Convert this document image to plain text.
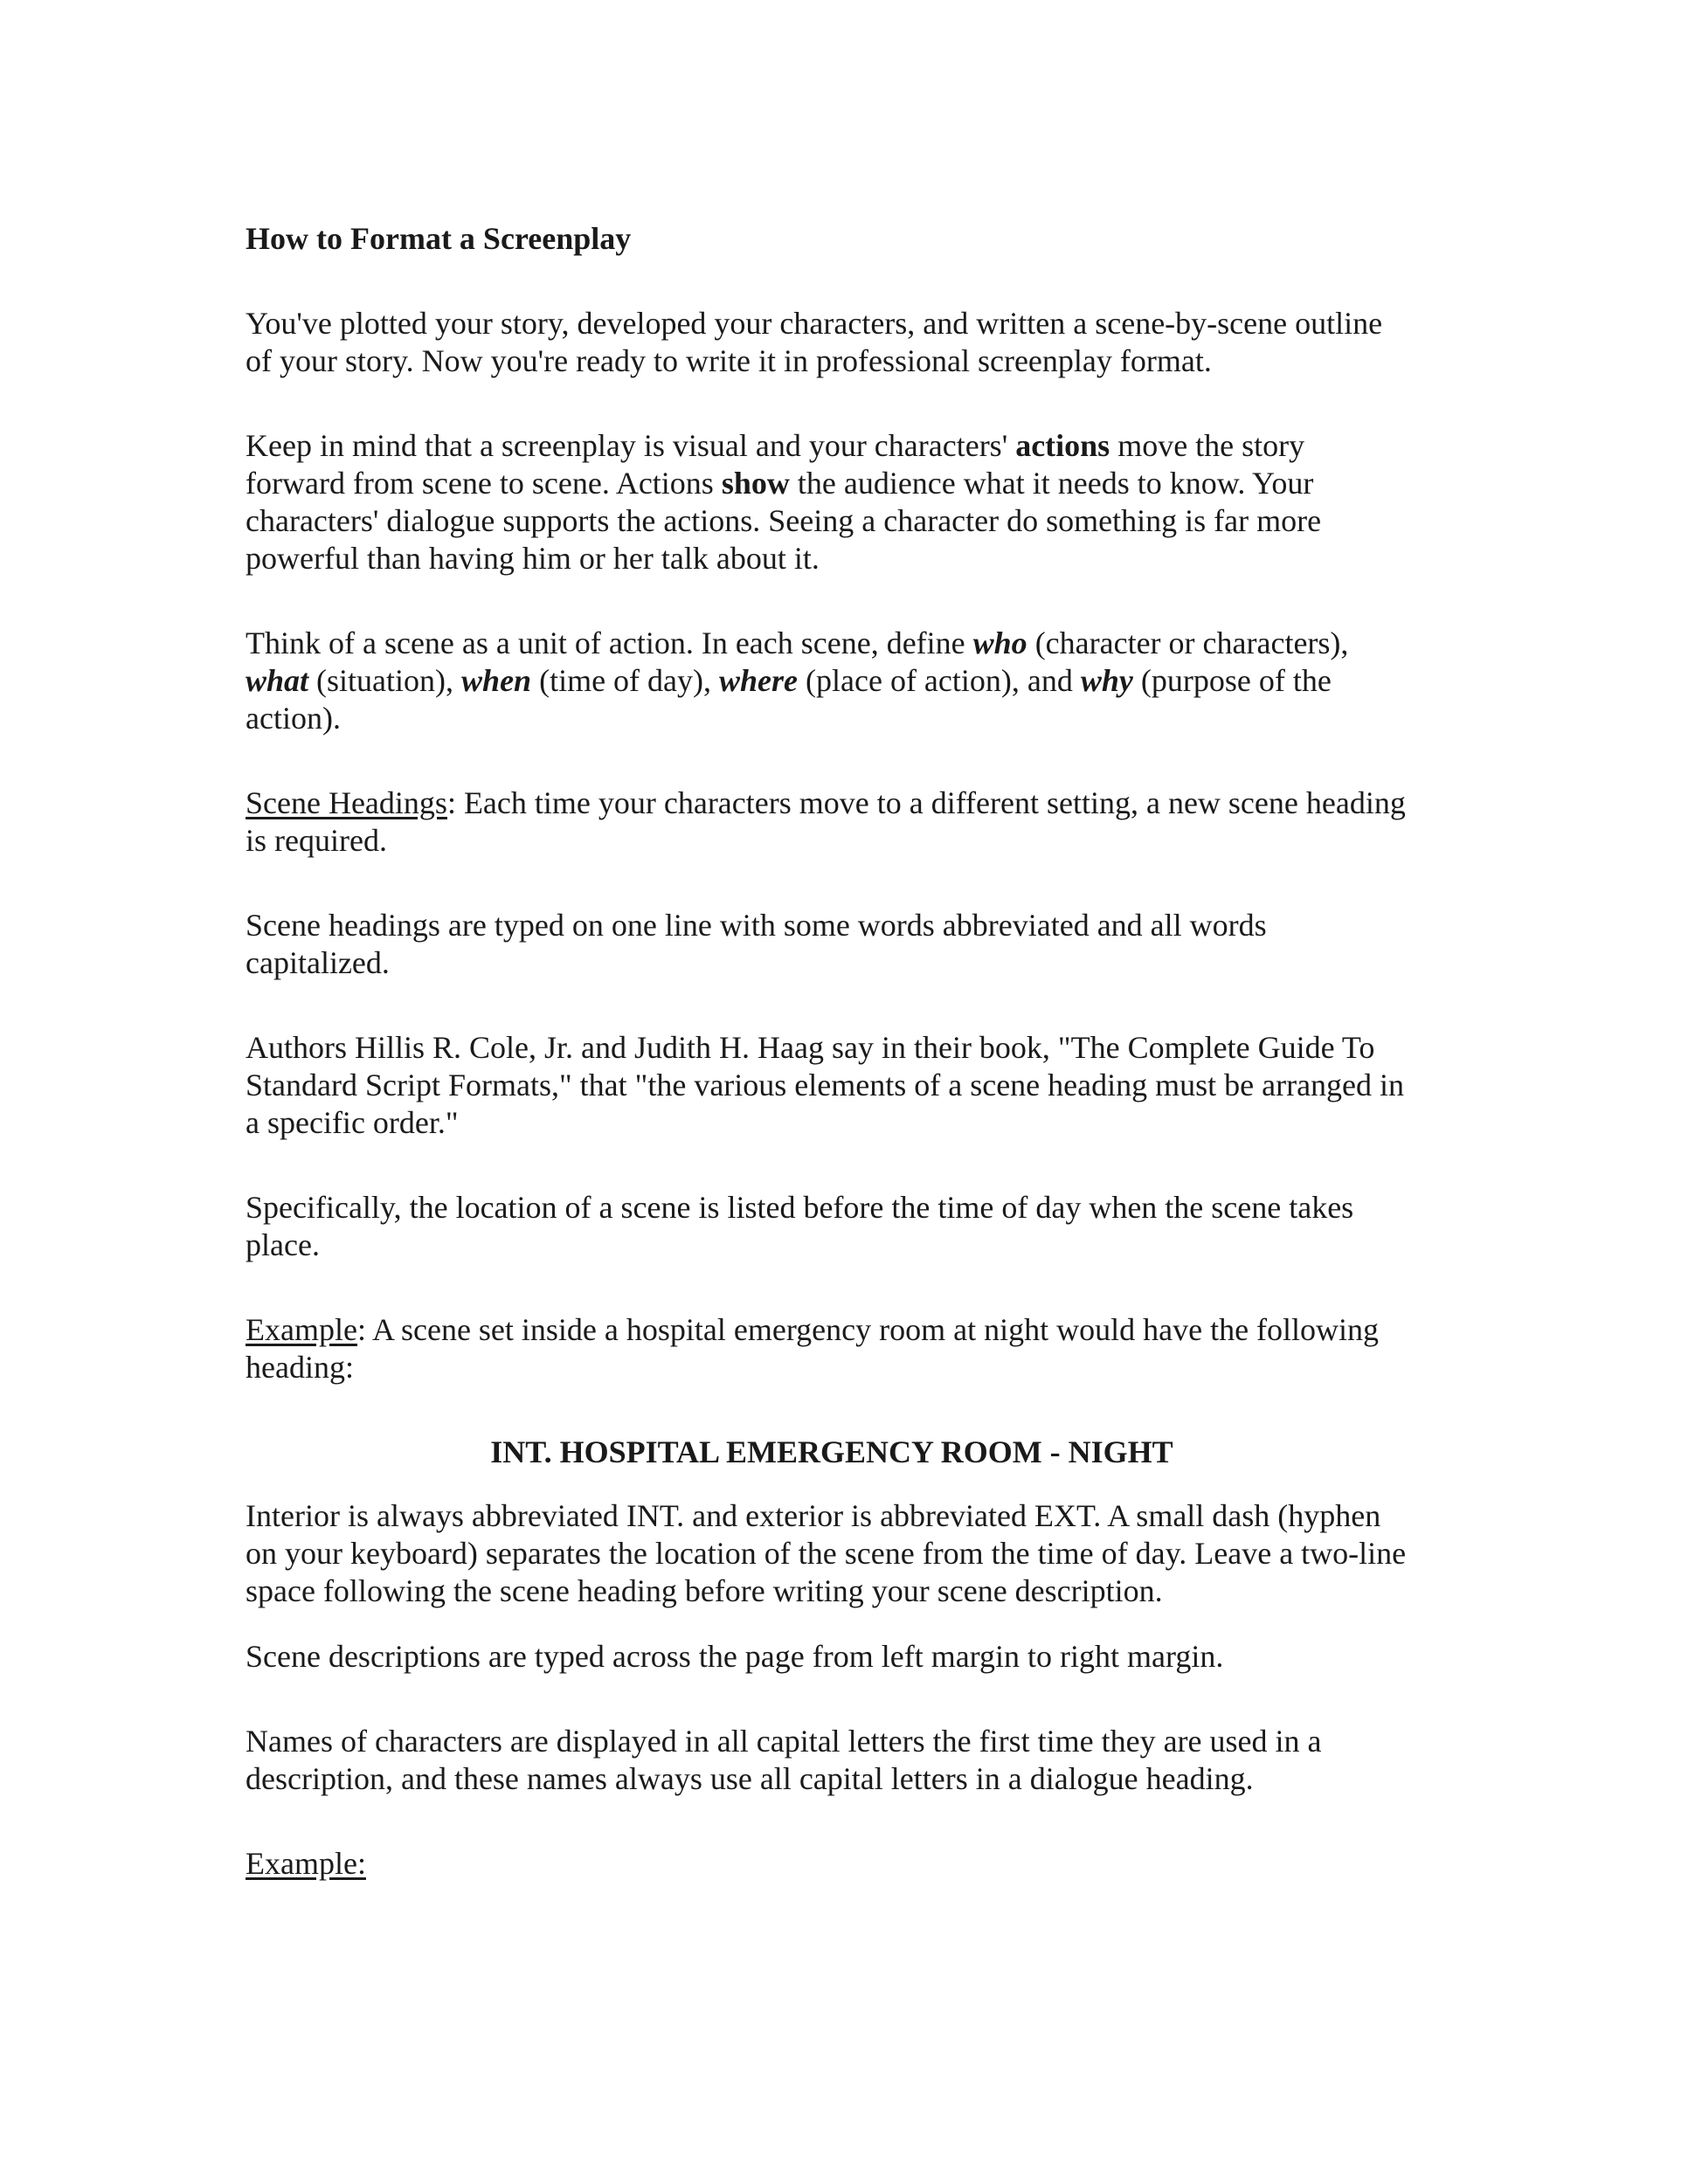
How to Format a Screenplay

You've plotted your story, developed your characters, and written a scene-by-scene outline of your story. Now you're ready to write it in professional screenplay format.

Keep in mind that a screenplay is visual and your characters' actions move the story forward from scene to scene. Actions show the audience what it needs to know. Your characters' dialogue supports the actions. Seeing a character do something is far more powerful than having him or her talk about it.

Think of a scene as a unit of action. In each scene, define who (character or characters), what (situation), when (time of day), where (place of action), and why (purpose of the action).

Scene Headings: Each time your characters move to a different setting, a new scene heading is required.

Scene headings are typed on one line with some words abbreviated and all words capitalized.

Authors Hillis R. Cole, Jr. and Judith H. Haag say in their book, "The Complete Guide To Standard Script Formats," that "the various elements of a scene heading must be arranged in a specific order."

Specifically, the location of a scene is listed before the time of day when the scene takes place.

Example: A scene set inside a hospital emergency room at night would have the following heading:

INT. HOSPITAL EMERGENCY ROOM - NIGHT

Interior is always abbreviated INT. and exterior is abbreviated EXT. A small dash (hyphen on your keyboard) separates the location of the scene from the time of day. Leave a two-line space following the scene heading before writing your scene description.

Scene descriptions are typed across the page from left margin to right margin.

Names of characters are displayed in all capital letters the first time they are used in a description, and these names always use all capital letters in a dialogue heading.

Example:
